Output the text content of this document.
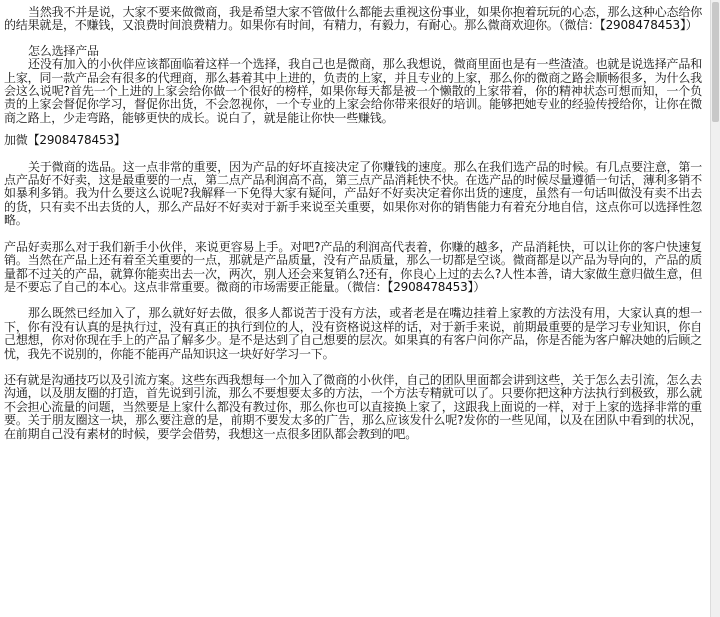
当然我不并是说，大家不要来做微商，我是希望大家不管做什么都能去重视这份事业，如果你抱着玩玩的心态，那么这种心态给你的结果就是，不赚钱，又浪费时间浪费精力。如果你有时间，有精力，有毅力，有耐心。那么微商欢迎你。（微信：【2908478453】）

怎么选择产品

还没有加入的小伙伴应该都面临着这样一个选择，我自己也是微商，那么我想说，微商里面也是有一些渣渣。也就是说选择产品和上家，同一款产品会有很多的代理商，那么碁着其中上进的，负责的上家，并且专业的上家，那么你的微商之路会顺畅很多，为什么我会这么说呢?首先一个上进的上家会给你做一个很好的榜样，如果你每天都是被一个懒散的上家带着，你的精神状态可想而知，一个负责的上家会督促你学习，督促你出货，不会忽视你，一个专业的上家会给你带来很好的培训。能够把她专业的经验传授给你，让你在微商之路上，少走弯路，能够更快的成长。说白了，就是能让你快一些赚钱。

加微【2908478453】

关于微商的选品。这一点非常的重要，因为产品的好坏直接决定了你赚钱的速度。那么在我们选产品的时候。有几点要注意，第一点产品好不好卖，这是最重要的一点，第二点产品利润高不高，第三点产品消耗快不快。在选产品的时候尽量遵循一句话，薄利多销不如暴利多销。我为什么要这么说呢?我解释一下免得大家有疑问，产品好不好卖决定着你出货的速度，虽然有一句话叫做没有卖不出去的货，只有卖不出去货的人，那么产品好不好卖对于新手来说至关重要，如果你对你的销售能力有着充分地自信，这点你可以选择性忽略。

产品好卖那么对于我们新手小伙伴，来说更容易上手。对吧?产品的利润高代表着，你赚的越多，产品消耗快，可以让你的客户快速复销。当然在产品上还有着至关重要的一点，那就是产品质量，没有产品质量，那么一切都是空谈。微商都是以产品为导向的，产品的质量都不过关的产品，就算你能卖出去一次，两次，别人还会来复销么?还有，你良心上过的去么?人性本善，请大家做生意归做生意，但是不要忘了自己的本心。这点非常重要。微商的市场需要正能量。（微信：【2908478453】）

那么既然已经加入了，那么就好好去做，很多人都说苦于没有方法，或者老是在嘴边挂着上家教的方法没有用，大家认真的想一下，你有没有认真的是执行过，没有真正的执行到位的人，没有资格说这样的话，对于新手来说，前期最重要的是学习专业知识，你自己想想，你对你现在手上的产品了解多少。是不是达到了自己想要的层次。如果真的有客户问你产品，你是否能为客户解决她的后顾之忧，我先不说别的，你能不能再产品知识这一块好好学习一下。

还有就是沟通技巧以及引流方案。这些东西我想每一个加入了微商的小伙伴，自己的团队里面都会讲到这些，关于怎么去引流，怎么去沟通，以及朋友圈的打造，首先说到引流，那么不要想要太多的方法，一个方法专精就可以了。只要你把这种方法执行到极致，那么就不会担心流量的问题，当然要是上家什么都没有教过你，那么你也可以直接换上家了，这跟我上面说的一样，对于上家的选择非常的重要。关于朋友圈这一块，那么要注意的是，前期不要发太多的广告，那么应该发什么呢?发你的一些见闻，以及在团队中看到的状况，在前期自己没有素材的时候，要学会借势，我想这一点很多团队都会教到的吧。
